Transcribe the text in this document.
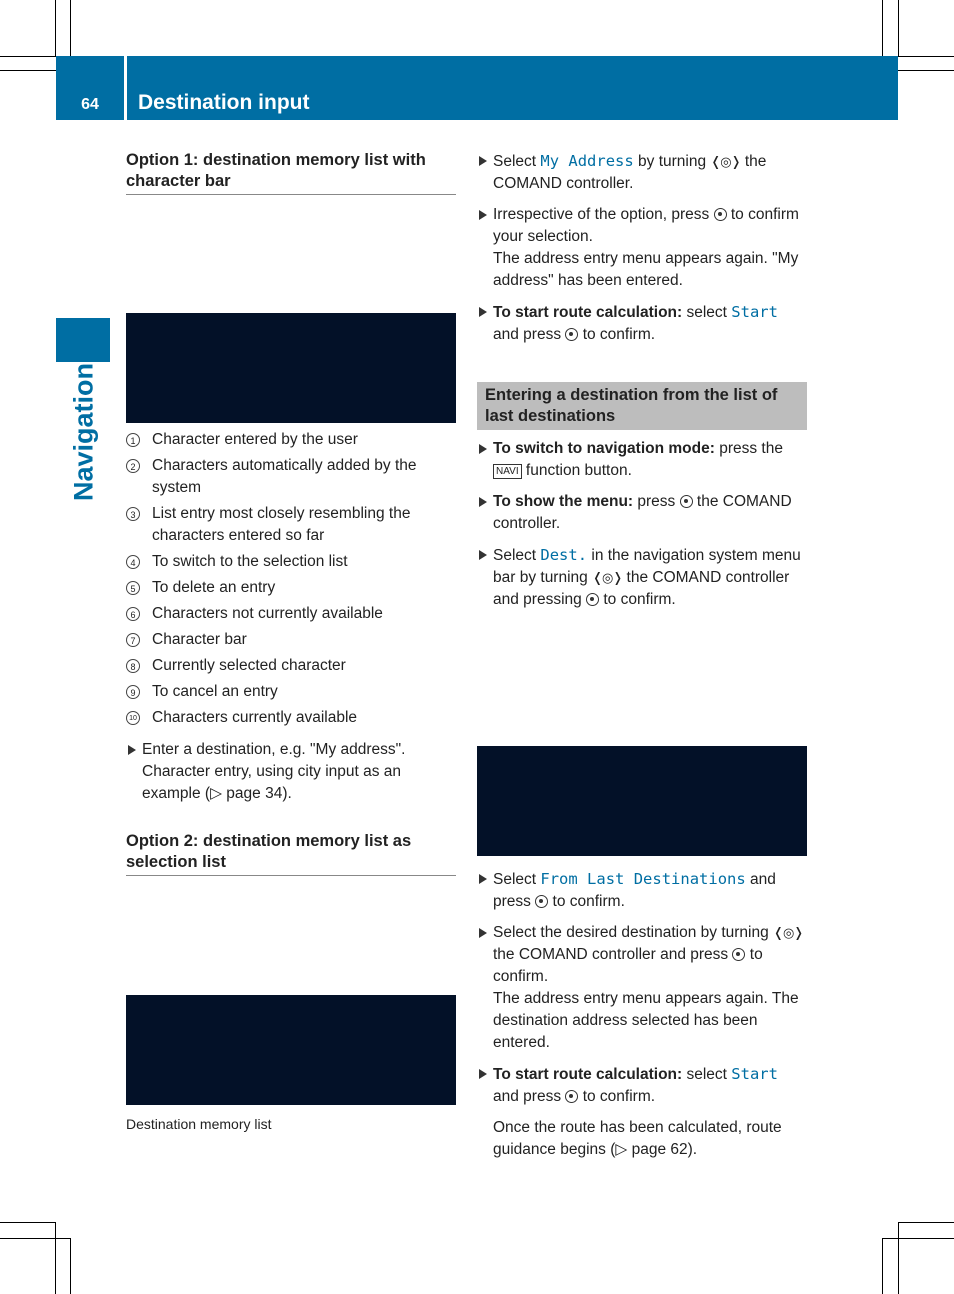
64	Destination input
Navigation

Option 1: destination memory list with character bar

1 Character entered by the user
2 Characters automatically added by the system
3 List entry most closely resembling the characters entered so far
4 To switch to the selection list
5 To delete an entry
6 Characters not currently available
7 Character bar
8 Currently selected character
9 To cancel an entry
10 Characters currently available

Enter a destination, e.g. "My address". Character entry, using city input as an example (▷ page 34).

Option 2: destination memory list as selection list

Destination memory list

Select My Address by turning ❬◎❭ the COMAND controller.

Irrespective of the option, press  to confirm your selection.
The address entry menu appears again. "My address" has been entered.

To start route calculation: select Start and press  to confirm.

Entering a destination from the list of last destinations

To switch to navigation mode: press the NAVI function button.

To show the menu: press  the COMAND controller.

Select Dest. in the navigation system menu bar by turning ❬◎❭ the COMAND controller and pressing  to confirm.

Select From Last Destinations and press  to confirm.

Select the desired destination by turning ❬◎❭ the COMAND controller and press  to confirm.
The address entry menu appears again. The destination address selected has been entered.

To start route calculation: select Start and press  to confirm.

Once the route has been calculated, route guidance begins (▷ page 62).
